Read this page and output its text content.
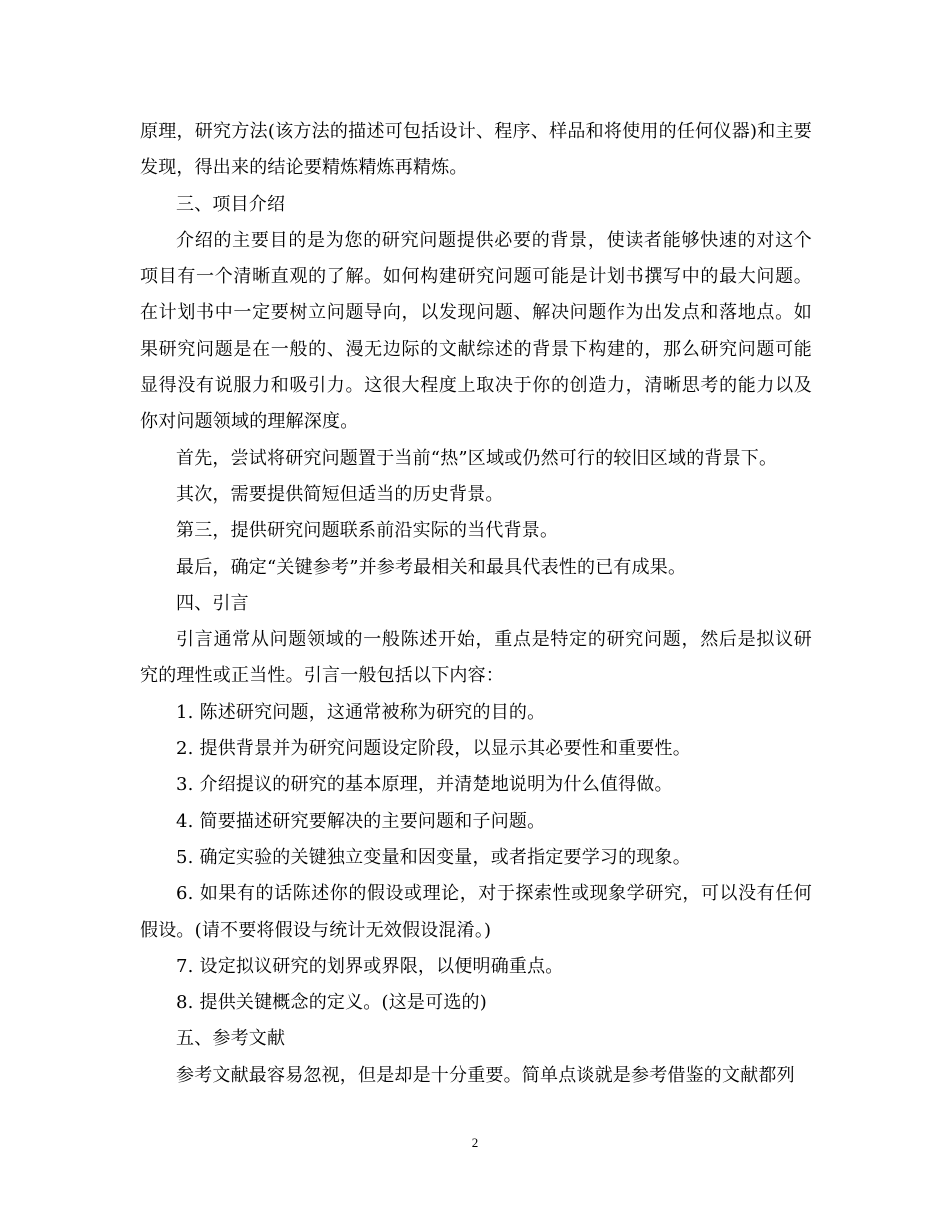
原理，研究方法(该方法的描述可包括设计、程序、样品和将使用的任何仪器)和主要发现，得出来的结论要精炼精炼再精炼。

三、项目介绍

介绍的主要目的是为您的研究问题提供必要的背景，使读者能够快速的对这个项目有一个清晰直观的了解。如何构建研究问题可能是计划书撰写中的最大问题。在计划书中一定要树立问题导向，以发现问题、解决问题作为出发点和落地点。如果研究问题是在一般的、漫无边际的文献综述的背景下构建的，那么研究问题可能显得没有说服力和吸引力。这很大程度上取决于你的创造力，清晰思考的能力以及你对问题领域的理解深度。

首先，尝试将研究问题置于当前“热”区域或仍然可行的较旧区域的背景下。

其次，需要提供简短但适当的历史背景。

第三，提供研究问题联系前沿实际的当代背景。

最后，确定“关键参考”并参考最相关和最具代表性的已有成果。

四、引言

引言通常从问题领域的一般陈述开始，重点是特定的研究问题，然后是拟议研究的理性或正当性。引言一般包括以下内容：

1. 陈述研究问题，这通常被称为研究的目的。

2. 提供背景并为研究问题设定阶段，以显示其必要性和重要性。

3. 介绍提议的研究的基本原理，并清楚地说明为什么值得做。

4. 简要描述研究要解决的主要问题和子问题。

5. 确定实验的关键独立变量和因变量，或者指定要学习的现象。

6. 如果有的话陈述你的假设或理论，对于探索性或现象学研究，可以没有任何假设。(请不要将假设与统计无效假设混淆。)

7. 设定拟议研究的划界或界限，以便明确重点。

8. 提供关键概念的定义。(这是可选的)

五、参考文献

参考文献最容易忽视，但是却是十分重要。简单点谈就是参考借鉴的文献都列

2
